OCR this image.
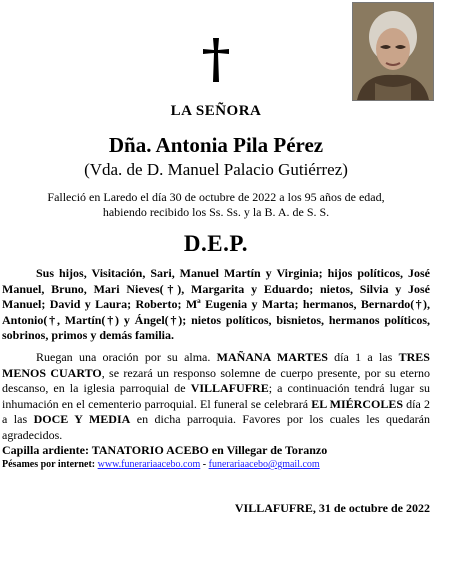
LA SEÑORA
Dña. Antonia Pila Pérez
(Vda. de D. Manuel Palacio Gutiérrez)
Falleció en Laredo el día 30 de octubre de 2022 a los 95 años de edad,
habiendo recibido los Ss. Ss. y la B. A. de S. S.
D.E.P.
Sus hijos, Visitación, Sari, Manuel Martín y Virginia; hijos políticos, José Manuel, Bruno, Mari Nieves(†), Margarita y Eduardo; nietos, Silvia y José Manuel; David y Laura; Roberto; Mª Eugenia y Marta; hermanos, Bernardo(†), Antonio(†, Martín(†) y Ángel(†); nietos políticos, bisnietos, hermanos políticos, sobrinos, primos y demás familia.
Ruegan una oración por su alma. MAÑANA MARTES día 1 a las TRES MENOS CUARTO, se rezará un responso solemne de cuerpo presente, por su eterno descanso, en la iglesia parroquial de VILLAFUFRE; a continuación tendrá lugar su inhumación en el cementerio parroquial. El funeral se celebrará EL MIÉRCOLES día 2 a las DOCE Y MEDIA en dicha parroquia. Favores por los cuales les quedarán agradecidos.
Capilla ardiente: TANATORIO ACEBO en Villegar de Toranzo
Pésames por internet: www.funerariaacebo.com - funerariaacebo@gmail.com
VILLAFUFRE, 31 de octubre de 2022
